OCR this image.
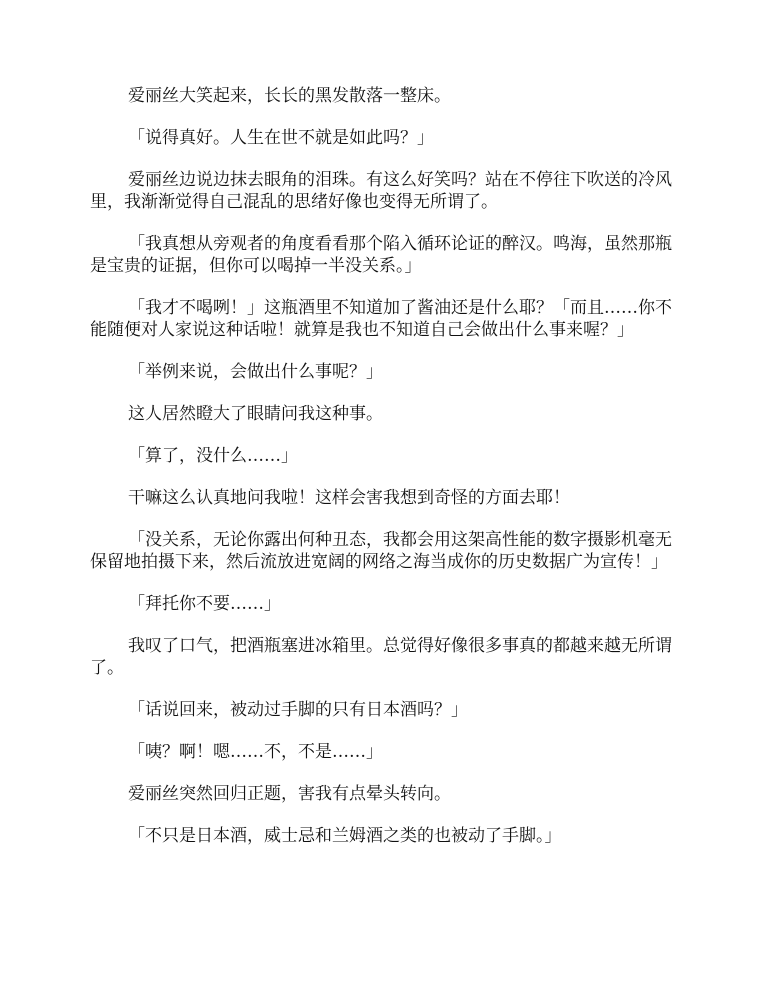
爱丽丝大笑起来，长长的黑发散落一整床。

「说得真好。人生在世不就是如此吗？」

爱丽丝边说边抹去眼角的泪珠。有这么好笑吗？站在不停往下吹送的冷风里，我渐渐觉得自己混乱的思绪好像也变得无所谓了。

「我真想从旁观者的角度看看那个陷入循环论证的醉汉。鸣海，虽然那瓶是宝贵的证据，但你可以喝掉一半没关系。」

「我才不喝咧！」这瓶酒里不知道加了酱油还是什么耶？「而且……你不能随便对人家说这种话啦！就算是我也不知道自己会做出什么事来喔？」

「举例来说，会做出什么事呢？」

这人居然瞪大了眼睛问我这种事。

「算了，没什么……」

干嘛这么认真地问我啦！这样会害我想到奇怪的方面去耶！

「没关系，无论你露出何种丑态，我都会用这架高性能的数字摄影机毫无保留地拍摄下来，然后流放进宽阔的网络之海当成你的历史数据广为宣传！」

「拜托你不要……」

我叹了口气，把酒瓶塞进冰箱里。总觉得好像很多事真的都越来越无所谓了。

「话说回来，被动过手脚的只有日本酒吗？」

「咦？啊！嗯……不，不是……」

爱丽丝突然回归正题，害我有点晕头转向。

「不只是日本酒，威士忌和兰姆酒之类的也被动了手脚。」
